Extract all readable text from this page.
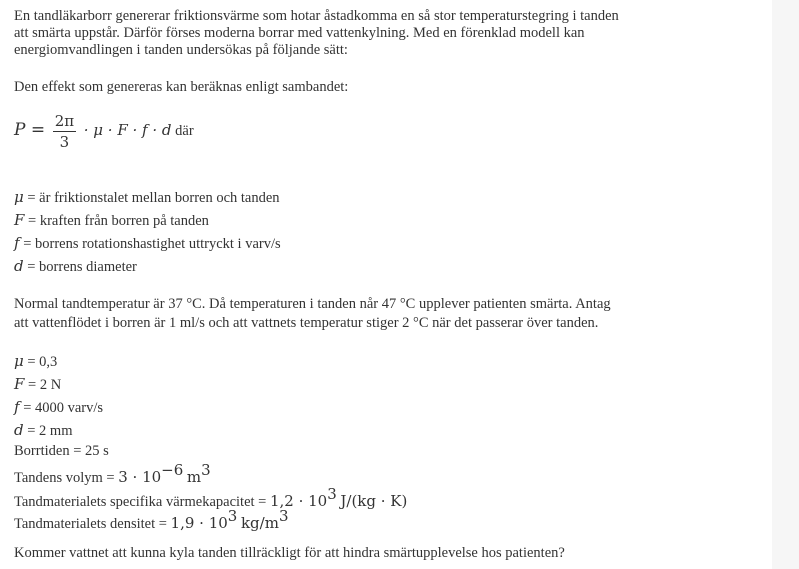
En tandläkarborr genererar friktionsvärme som hotar åstadkomma en så stor temperaturstegring i tanden
att smärta uppstår. Därför förses moderna borrar med vattenkylning. Med en förenklad modell kan
energiomvandlingen i tanden undersökas på följande sätt:
Den effekt som genereras kan beräknas enligt sambandet:
$P = \frac{2\pi}{3} \cdot \mu \cdot F \cdot f \cdot d$ där
μ = är friktionstalet mellan borren och tanden
F = kraften från borren på tanden
f = borrens rotationshastighet uttryckt i varv/s
d = borrens diameter
Normal tandtemperatur är 37 °C. Då temperaturen i tanden når 47 °C upplever patienten smärta. Antag
att vattenflödet i borren är 1 ml/s och att vattnets temperatur stiger 2 °C när det passerar över tanden.
μ = 0,3
F = 2 N
f = 4000 varv/s
d = 2 mm
Borrtiden = 25 s
Tandens volym = $3 \cdot 10^{-6}$ $m^3$
Tandmaterialets specifika värmekapacitet = $1,2 \cdot 10^3$ J/(kg · K)
Tandmaterialets densitet = $1,9 \cdot 10^3$ $kg/m^3$
Kommer vattnet att kunna kyla tanden tillräckligt för att hindra smärtupplevelse hos patienten?
